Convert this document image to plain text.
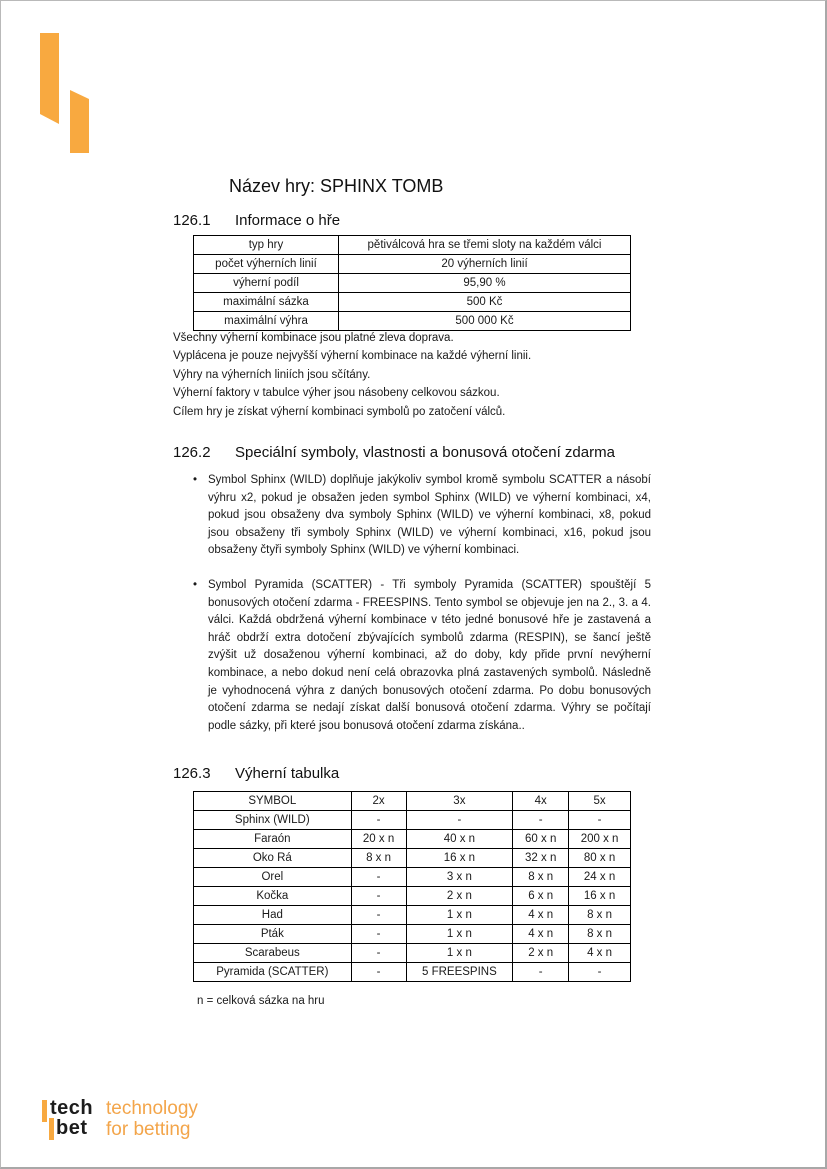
Název hry: SPHINX TOMB
126.1 Informace o hře
typ hry	pětiválcová hra se třemi sloty na každém válci
počet výherních linií	20 výherních linií
výherní podíl	95,90 %
maximální sázka	500 Kč
maximální výhra	500 000 Kč
Všechny výherní kombinace jsou platné zleva doprava.
Vyplácena je pouze nejvyšší výherní kombinace na každé výherní linii.
Výhry na výherních liniích jsou sčítány.
Výherní faktory v tabulce výher jsou násobeny celkovou sázkou.
Cílem hry je získat výherní kombinaci symbolů po zatočení válců.
126.2 Speciální symboly, vlastnosti a bonusová otočení zdarma
• Symbol Sphinx (WILD) doplňuje jakýkoliv symbol kromě symbolu SCATTER a násobí výhru x2, pokud je obsažen jeden symbol Sphinx (WILD) ve výherní kombinaci, x4, pokud jsou obsaženy dva symboly Sphinx (WILD) ve výherní kombinaci, x8, pokud jsou obsaženy tři symboly Sphinx (WILD) ve výherní kombinaci, x16, pokud jsou obsaženy čtyři symboly Sphinx (WILD) ve výherní kombinaci.
• Symbol Pyramida (SCATTER) - Tři symboly Pyramida (SCATTER) spouštějí 5 bonusových otočení zdarma - FREESPINS. Tento symbol se objevuje jen na 2., 3. a 4. válci. Každá obdržená výherní kombinace v této jedné bonusové hře je zastavená a hráč obdrží extra dotočení zbývajících symbolů zdarma (RESPIN), se šancí ještě zvýšit už dosaženou výherní kombinaci, až do doby, kdy přide první nevýherní kombinace, a nebo dokud není celá obrazovka plná zastavených symbolů. Následně je vyhodnocená výhra z daných bonusových otočení zdarma. Po dobu bonusových otočení zdarma se nedají získat další bonusová otočení zdarma. Výhry se počítají podle sázky, při které jsou bonusová otočení zdarma získána..
126.3 Výherní tabulka
SYMBOL	2x	3x	4x	5x
Sphinx (WILD)	-	-	-	-
Faraón	20 x n	40 x n	60 x n	200 x n
Oko Rá	8 x n	16 x n	32 x n	80 x n
Orel	-	3 x n	8 x n	24 x n
Kočka	-	2 x n	6 x n	16 x n
Had	-	1 x n	4 x n	8 x n
Pták	-	1 x n	4 x n	8 x n
Scarabeus	-	1 x n	2 x n	4 x n
Pyramida (SCATTER)	-	5 FREESPINS	-	-
n = celková sázka na hru
tech
bet
technology
for betting
